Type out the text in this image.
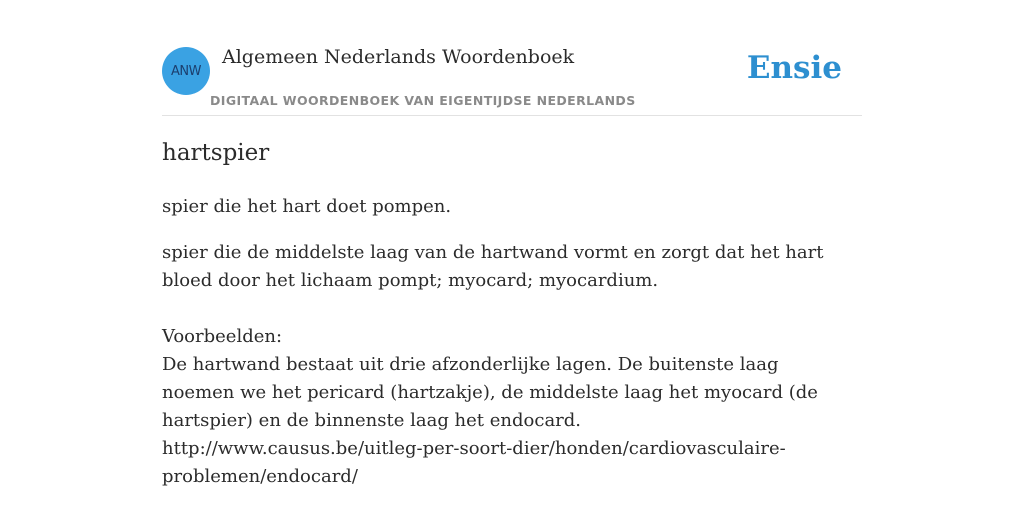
ANW
Algemeen Nederlands Woordenboek
DIGITAAL WOORDENBOEK VAN EIGENTIJDSE NEDERLANDS
Ensie
hartspier
spier die het hart doet pompen.

spier die de middelste laag van de hartwand vormt en zorgt dat het hart bloed door het lichaam pompt; myocard; myocardium.

Voorbeelden:

De hartwand bestaat uit drie afzonderlijke lagen. De buitenste laag noemen we het pericard (hartzakje), de middelste laag het myocard (de hartspier) en de binnenste laag het endocard.

http://www.causus.be/uitleg-per-soort-dier/honden/cardiovasculaire-

problemen/endocard/
